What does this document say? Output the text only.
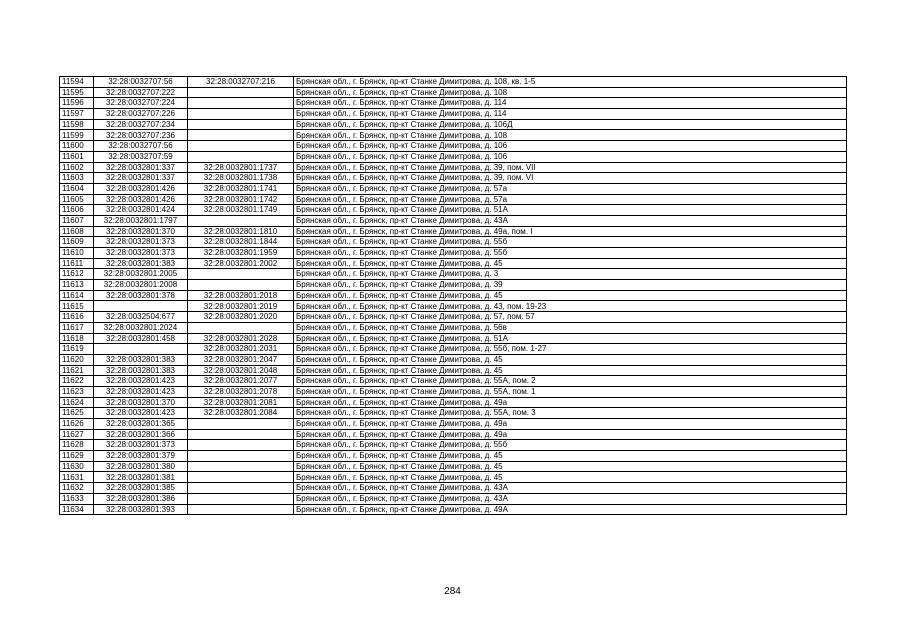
11594	32:28:0032707:56	32:28:0032707:216	Брянская обл., г. Брянск, пр-кт Станке Димитрова, д. 108, кв. 1-5
11595	32:28:0032707:222		Брянская обл., г. Брянск, пр-кт Станке Димитрова, д. 108
11596	32:28:0032707:224		Брянская обл., г. Брянск, пр-кт Станке Димитрова, д. 114
11597	32:28:0032707:226		Брянская обл., г. Брянск, пр-кт Станке Димитрова, д. 114
11598	32:28:0032707:234		Брянская обл., г. Брянск, пр-кт Станке Димитрова, д. 106Д
11599	32:28:0032707:236		Брянская обл., г. Брянск, пр-кт Станке Димитрова, д. 108
11600	32:28:0032707:56		Брянская обл., г. Брянск, пр-кт Станке Димитрова, д. 106
11601	32:28:0032707:59		Брянская обл., г. Брянск, пр-кт Станке Димитрова, д. 106
11602	32:28:0032801:337	32:28:0032801:1737	Брянская обл., г. Брянск, пр-кт Станке Димитрова, д. 39, пом. VII
11603	32:28:0032801:337	32:28:0032801:1738	Брянская обл., г. Брянск, пр-кт Станке Димитрова, д. 39, пом. VI
11604	32:28:0032801:426	32:28:0032801:1741	Брянская обл., г. Брянск, пр-кт Станке Димитрова, д. 57а
11605	32:28:0032801:426	32:28:0032801:1742	Брянская обл., г. Брянск, пр-кт Станке Димитрова, д. 57а
11606	32:28:0032801:424	32:28:0032801:1749	Брянская обл., г. Брянск, пр-кт Станке Димитрова, д. 51А
11607	32:28:0032801:1797		Брянская обл., г. Брянск, пр-кт Станке Димитрова, д. 43А
11608	32:28:0032801:370	32:28:0032801:1810	Брянская обл., г. Брянск, пр-кт Станке Димитрова, д. 49а, пом. I
11609	32:28:0032801:373	32:28:0032801:1844	Брянская обл., г. Брянск, пр-кт Станке Димитрова, д. 55б
11610	32:28:0032801:373	32:28:0032801:1959	Брянская обл., г. Брянск, пр-кт Станке Димитрова, д. 55б
11611	32:28:0032801:383	32:28:0032801:2002	Брянская обл., г. Брянск, пр-кт Станке Димитрова, д. 45
11612	32:28:0032801:2005		Брянская обл., г. Брянск, пр-кт Станке Димитрова, д. 3
11613	32:28:0032801:2008		Брянская обл., г. Брянск, пр-кт Станке Димитрова, д. 39
11614	32:28:0032801:378	32:28:0032801:2018	Брянская обл., г. Брянск, пр-кт Станке Димитрова, д. 45
11615		32:28:0032801:2019	Брянская обл., г. Брянск, пр-кт Станке Димитрова, д. 43, пом. 19-23
11616	32:28:0032504:677	32:28:0032801:2020	Брянская обл., г. Брянск, пр-кт Станке Димитрова, д. 57, пом. 57
11617	32:28:0032801:2024		Брянская обл., г. Брянск, пр-кт Станке Димитрова, д. 56в
11618	32:28:0032801:458	32:28:0032801:2028	Брянская обл., г. Брянск, пр-кт Станке Димитрова, д. 51А
11619		32:28:0032801:2031	Брянская обл., г. Брянск, пр-кт Станке Димитрова, д. 55б, пом. 1-27
11620	32:28:0032801:383	32:28:0032801:2047	Брянская обл., г. Брянск, пр-кт Станке Димитрова, д. 45
11621	32:28:0032801:383	32:28:0032801:2048	Брянская обл., г. Брянск, пр-кт Станке Димитрова, д. 45
11622	32:28:0032801:423	32:28:0032801:2077	Брянская обл., г. Брянск, пр-кт Станке Димитрова, д. 55А, пом. 2
11623	32:28:0032801:423	32:28:0032801:2078	Брянская обл., г. Брянск, пр-кт Станке Димитрова, д. 55А, пом. 1
11624	32:28:0032801:370	32:28:0032801:2081	Брянская обл., г. Брянск, пр-кт Станке Димитрова, д. 49а
11625	32:28:0032801:423	32:28:0032801:2084	Брянская обл., г. Брянск, пр-кт Станке Димитрова, д. 55А, пом. 3
11626	32:28:0032801:365		Брянская обл., г. Брянск, пр-кт Станке Димитрова, д. 49а
11627	32:28:0032801:366		Брянская обл., г. Брянск, пр-кт Станке Димитрова, д. 49а
11628	32:28:0032801:373		Брянская обл., г. Брянск, пр-кт Станке Димитрова, д. 55б
11629	32:28:0032801:379		Брянская обл., г. Брянск, пр-кт Станке Димитрова, д. 45
11630	32:28:0032801:380		Брянская обл., г. Брянск, пр-кт Станке Димитрова, д. 45
11631	32:28:0032801:381		Брянская обл., г. Брянск, пр-кт Станке Димитрова, д. 45
11632	32:28:0032801:385		Брянская обл., г. Брянск, пр-кт Станке Димитрова, д. 43А
11633	32:28:0032801:386		Брянская обл., г. Брянск, пр-кт Станке Димитрова, д. 43А
11634	32:28:0032801:393		Брянская обл., г. Брянск, пр-кт Станке Димитрова, д. 49А
284
